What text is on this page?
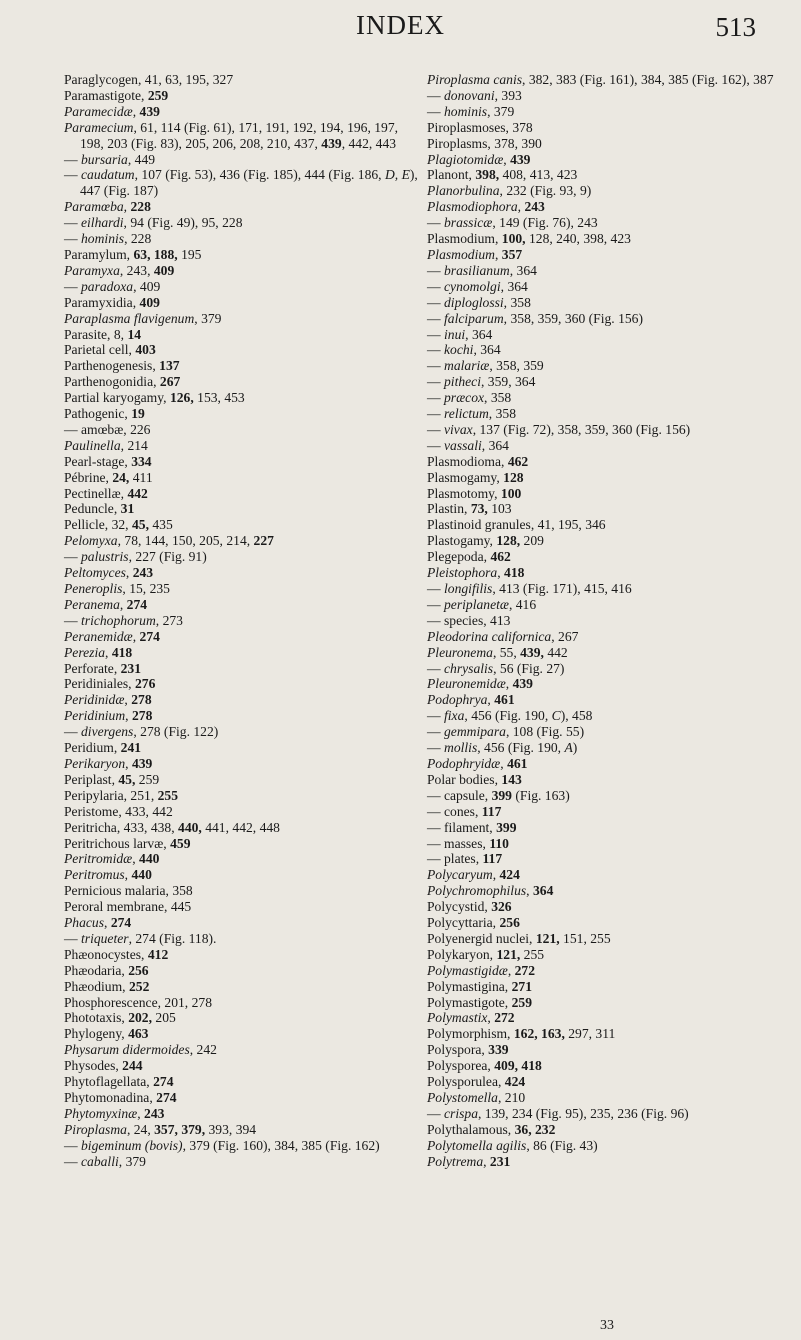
INDEX	513
Paraglycogen, 41, 63, 195, 327
Paramastigote, 259
Paramecidæ, 439
Paramecium, 61, 114 (Fig. 61), 171, 191, 192, 194, 196, 197, 198, 203 (Fig. 83), 205, 206, 208, 210, 437, 439, 442, 443
— bursaria, 449
— caudatum, 107 (Fig. 53), 436 (Fig. 185), 444 (Fig. 186, D, E), 447 (Fig. 187)
Paramœba, 228
— eilhardi, 94 (Fig. 49), 95, 228
— hominis, 228
Paramylum, 63, 188, 195
Paramyxa, 243, 409
— paradoxa, 409
Paramyxidia, 409
Paraplasma flavigenum, 379
Parasite, 8, 14
Parietal cell, 403
Parthenogenesis, 137
Parthenogonidia, 267
Partial karyogamy, 126, 153, 453
Pathogenic, 19
— amœbæ, 226
Paulinella, 214
Pearl-stage, 334
Pébrine, 24, 411
Pectinellæ, 442
Peduncle, 31
Pellicle, 32, 45, 435
Pelomyxa, 78, 144, 150, 205, 214, 227
— palustris, 227 (Fig. 91)
Peltomyces, 243
Peneroplis, 15, 235
Peranema, 274
— trichophorum, 273
Peranemidæ, 274
Perezia, 418
Perforate, 231
Peridiniales, 276
Peridinidæ, 278
Peridinium, 278
— divergens, 278 (Fig. 122)
Peridium, 241
Perikaryon, 439
Periplast, 45, 259
Peripylaria, 251, 255
Peristome, 433, 442
Peritricha, 433, 438, 440, 441, 442, 448
Peritrichous larvæ, 459
Peritromidæ, 440
Peritromus, 440
Pernicious malaria, 358
Peroral membrane, 445
Phacus, 274
— triqueter, 274 (Fig. 118).
Phæonocystes, 412
Phæodaria, 256
Phæodium, 252
Phosphorescence, 201, 278
Phototaxis, 202, 205
Phylogeny, 463
Physarum didermoides, 242
Physodes, 244
Phytoflagellata, 274
Phytomonadina, 274
Phytomyxinæ, 243
Piroplasma, 24, 357, 379, 393, 394
— bigeminum (bovis), 379 (Fig. 160), 384, 385 (Fig. 162)
— caballi, 379
Piroplasma canis, 382, 383 (Fig. 161), 384, 385 (Fig. 162), 387
— donovani, 393
— hominis, 379
Piroplasmoses, 378
Piroplasms, 378, 390
Plagiotomidæ, 439
Planont, 398, 408, 413, 423
Planorbulina, 232 (Fig. 93, 9)
Plasmodiophora, 243
— brassicæ, 149 (Fig. 76), 243
Plasmodium, 100, 128, 240, 398, 423
Plasmodium, 357
— brasilianum, 364
— cynomolgi, 364
— diploglossi, 358
— falciparum, 358, 359, 360 (Fig. 156)
— inui, 364
— kochi, 364
— malariæ, 358, 359
— pitheci, 359, 364
— præcox, 358
— relictum, 358
— vivax, 137 (Fig. 72), 358, 359, 360 (Fig. 156)
— vassali, 364
Plasmodioma, 462
Plasmogamy, 128
Plasmotomy, 100
Plastin, 73, 103
Plastinoid granules, 41, 195, 346
Plastogamy, 128, 209
Plegepoda, 462
Pleistophora, 418
— longifilis, 413 (Fig. 171), 415, 416
— periplanetæ, 416
— species, 413
Pleodorina californica, 267
Pleuronema, 55, 439, 442
— chrysalis, 56 (Fig. 27)
Pleuronemidæ, 439
Podophrya, 461
— fixa, 456 (Fig. 190, C), 458
— gemmipara, 108 (Fig. 55)
— mollis, 456 (Fig. 190, A)
Podophryidæ, 461
Polar bodies, 143
— capsule, 399 (Fig. 163)
— cones, 117
— filament, 399
— masses, 110
— plates, 117
Polycaryum, 424
Polychromophilus, 364
Polycystid, 326
Polycyttaria, 256
Polyenergid nuclei, 121, 151, 255
Polykaryon, 121, 255
Polymastigidæ, 272
Polymastigina, 271
Polymastigote, 259
Polymastix, 272
Polymorphism, 162, 163, 297, 311
Polyspora, 339
Polysporea, 409, 418
Polysporulea, 424
Polystomella, 210
— crispa, 139, 234 (Fig. 95), 235, 236 (Fig. 96)
Polythalamous, 36, 232
Polytomella agilis, 86 (Fig. 43)
Polytrema, 231
33
